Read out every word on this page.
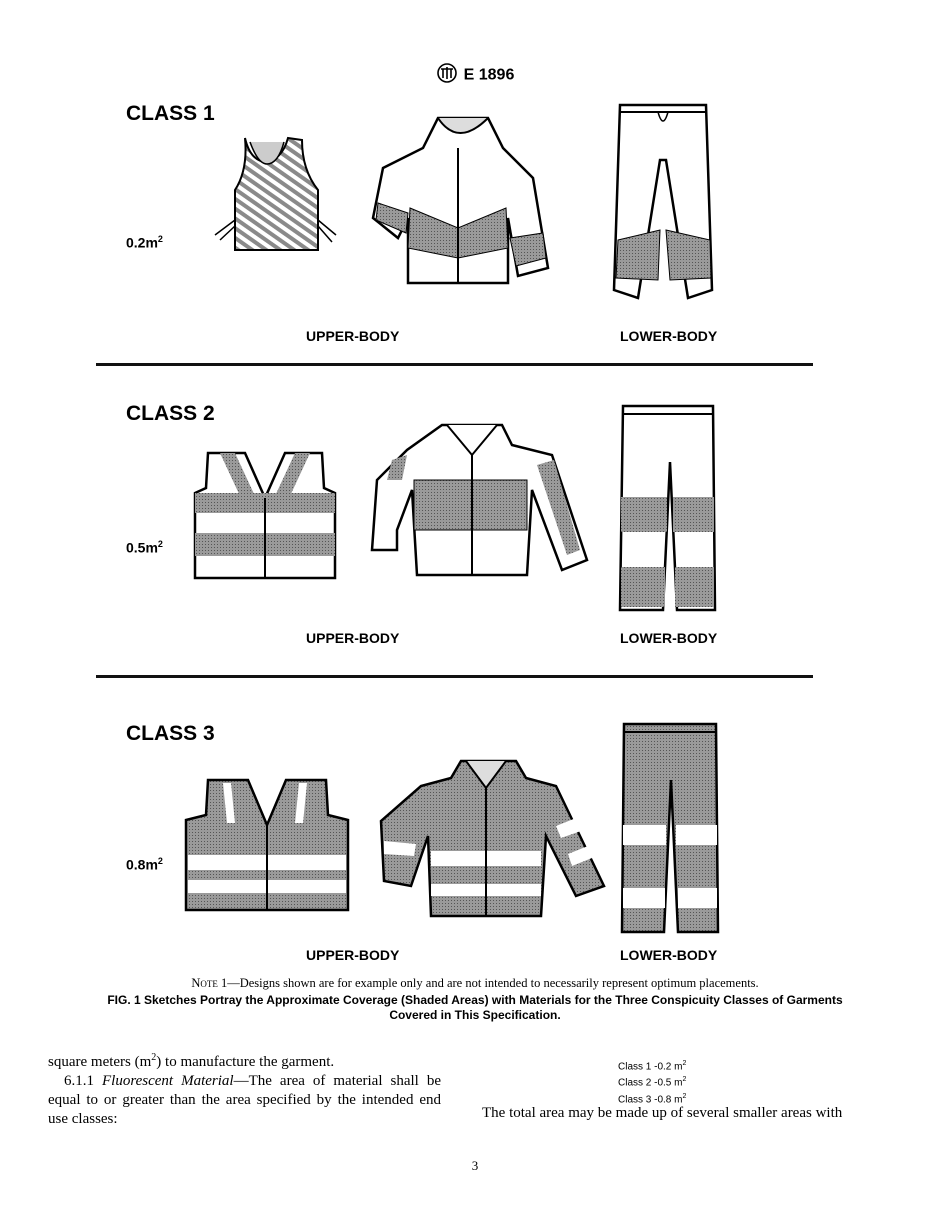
E 1896
CLASS 1
$0.2m^2$
UPPER-BODY	LOWER-BODY
CLASS 2
$0.5m^2$
UPPER-BODY	LOWER-BODY
CLASS 3
$0.8m^2$
UPPER-BODY	LOWER-BODY
Note 1—Designs shown are for example only and are not intended to necessarily represent optimum placements.
FIG. 1 Sketches Portray the Approximate Coverage (Shaded Areas) with Materials for the Three Conspicuity Classes of Garments
Covered in This Specification.

square meters $(m^2)$ to manufacture the garment.

6.1.1 Fluorescent Material—The area of material shall be equal to or greater than the area specified by the intended end use classes:

Class 1 -0.2 $m^2$
Class 2 -0.5 $m^2$
Class 3 -0.8 $m^2$
The total area may be made up of several smaller areas with
3
